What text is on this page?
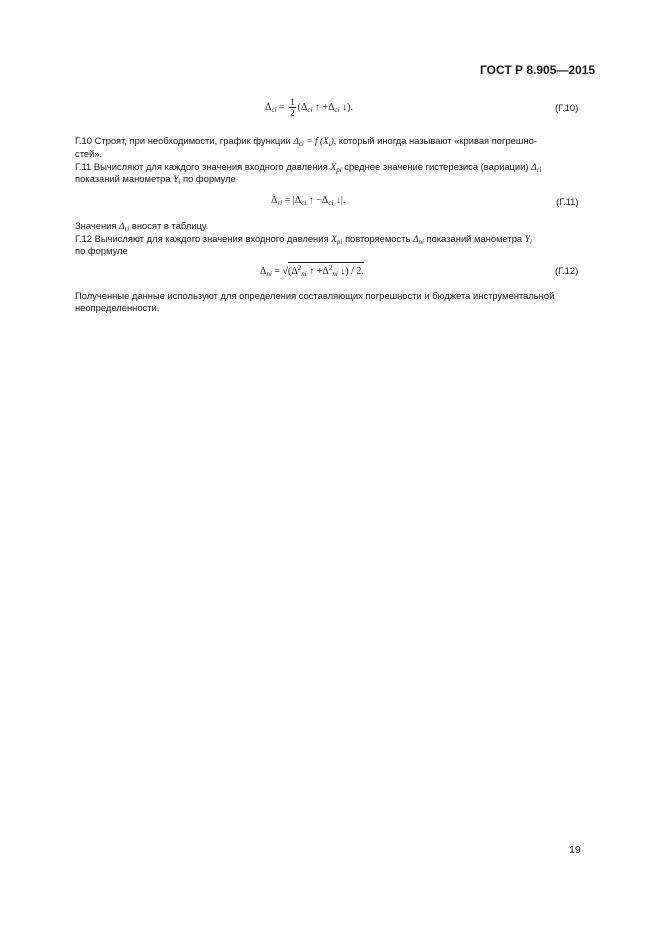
ГОСТ Р 8.905—2015
$\Delta_{ci} = \frac{1}{2} (\Delta_{ci}$ ↑ $+\Delta_{ci}$ ↓).	(Г.10)
Г.10 Строят, при необходимости, график функции $\Delta_{ci} = f$ $(X_i)$, который иногда называют «кривая погрешно-
стей».
Г.11 Вычисляют для каждого значения входного давления $X_{pi}$ среднее значение гистерезиса (вариации) $\Delta_{ri}$
показаний манометра $Y_i$ по формуле
$\Delta_{ri} = |\Delta_{ci}$ ↑ $-\Delta_{ci}$ ↓|.	(Г.11)
Значения $\Delta_{ri}$ вносят в таблицу.
Г.12 Вычисляют для каждого значения входного давления $X_{pi}$ повторяемость $\Delta_{ni}$ показаний манометра $Y_i$
по формуле
$\Delta_{ni} = √(\Delta^2_{ni}$ ↑ $+\Delta^2_{ni}$ ↓) / 2.	(Г.12)
Полученные данные используют для определения составляющих погрешности и бюджета инструментальной
неопределенности.
19
